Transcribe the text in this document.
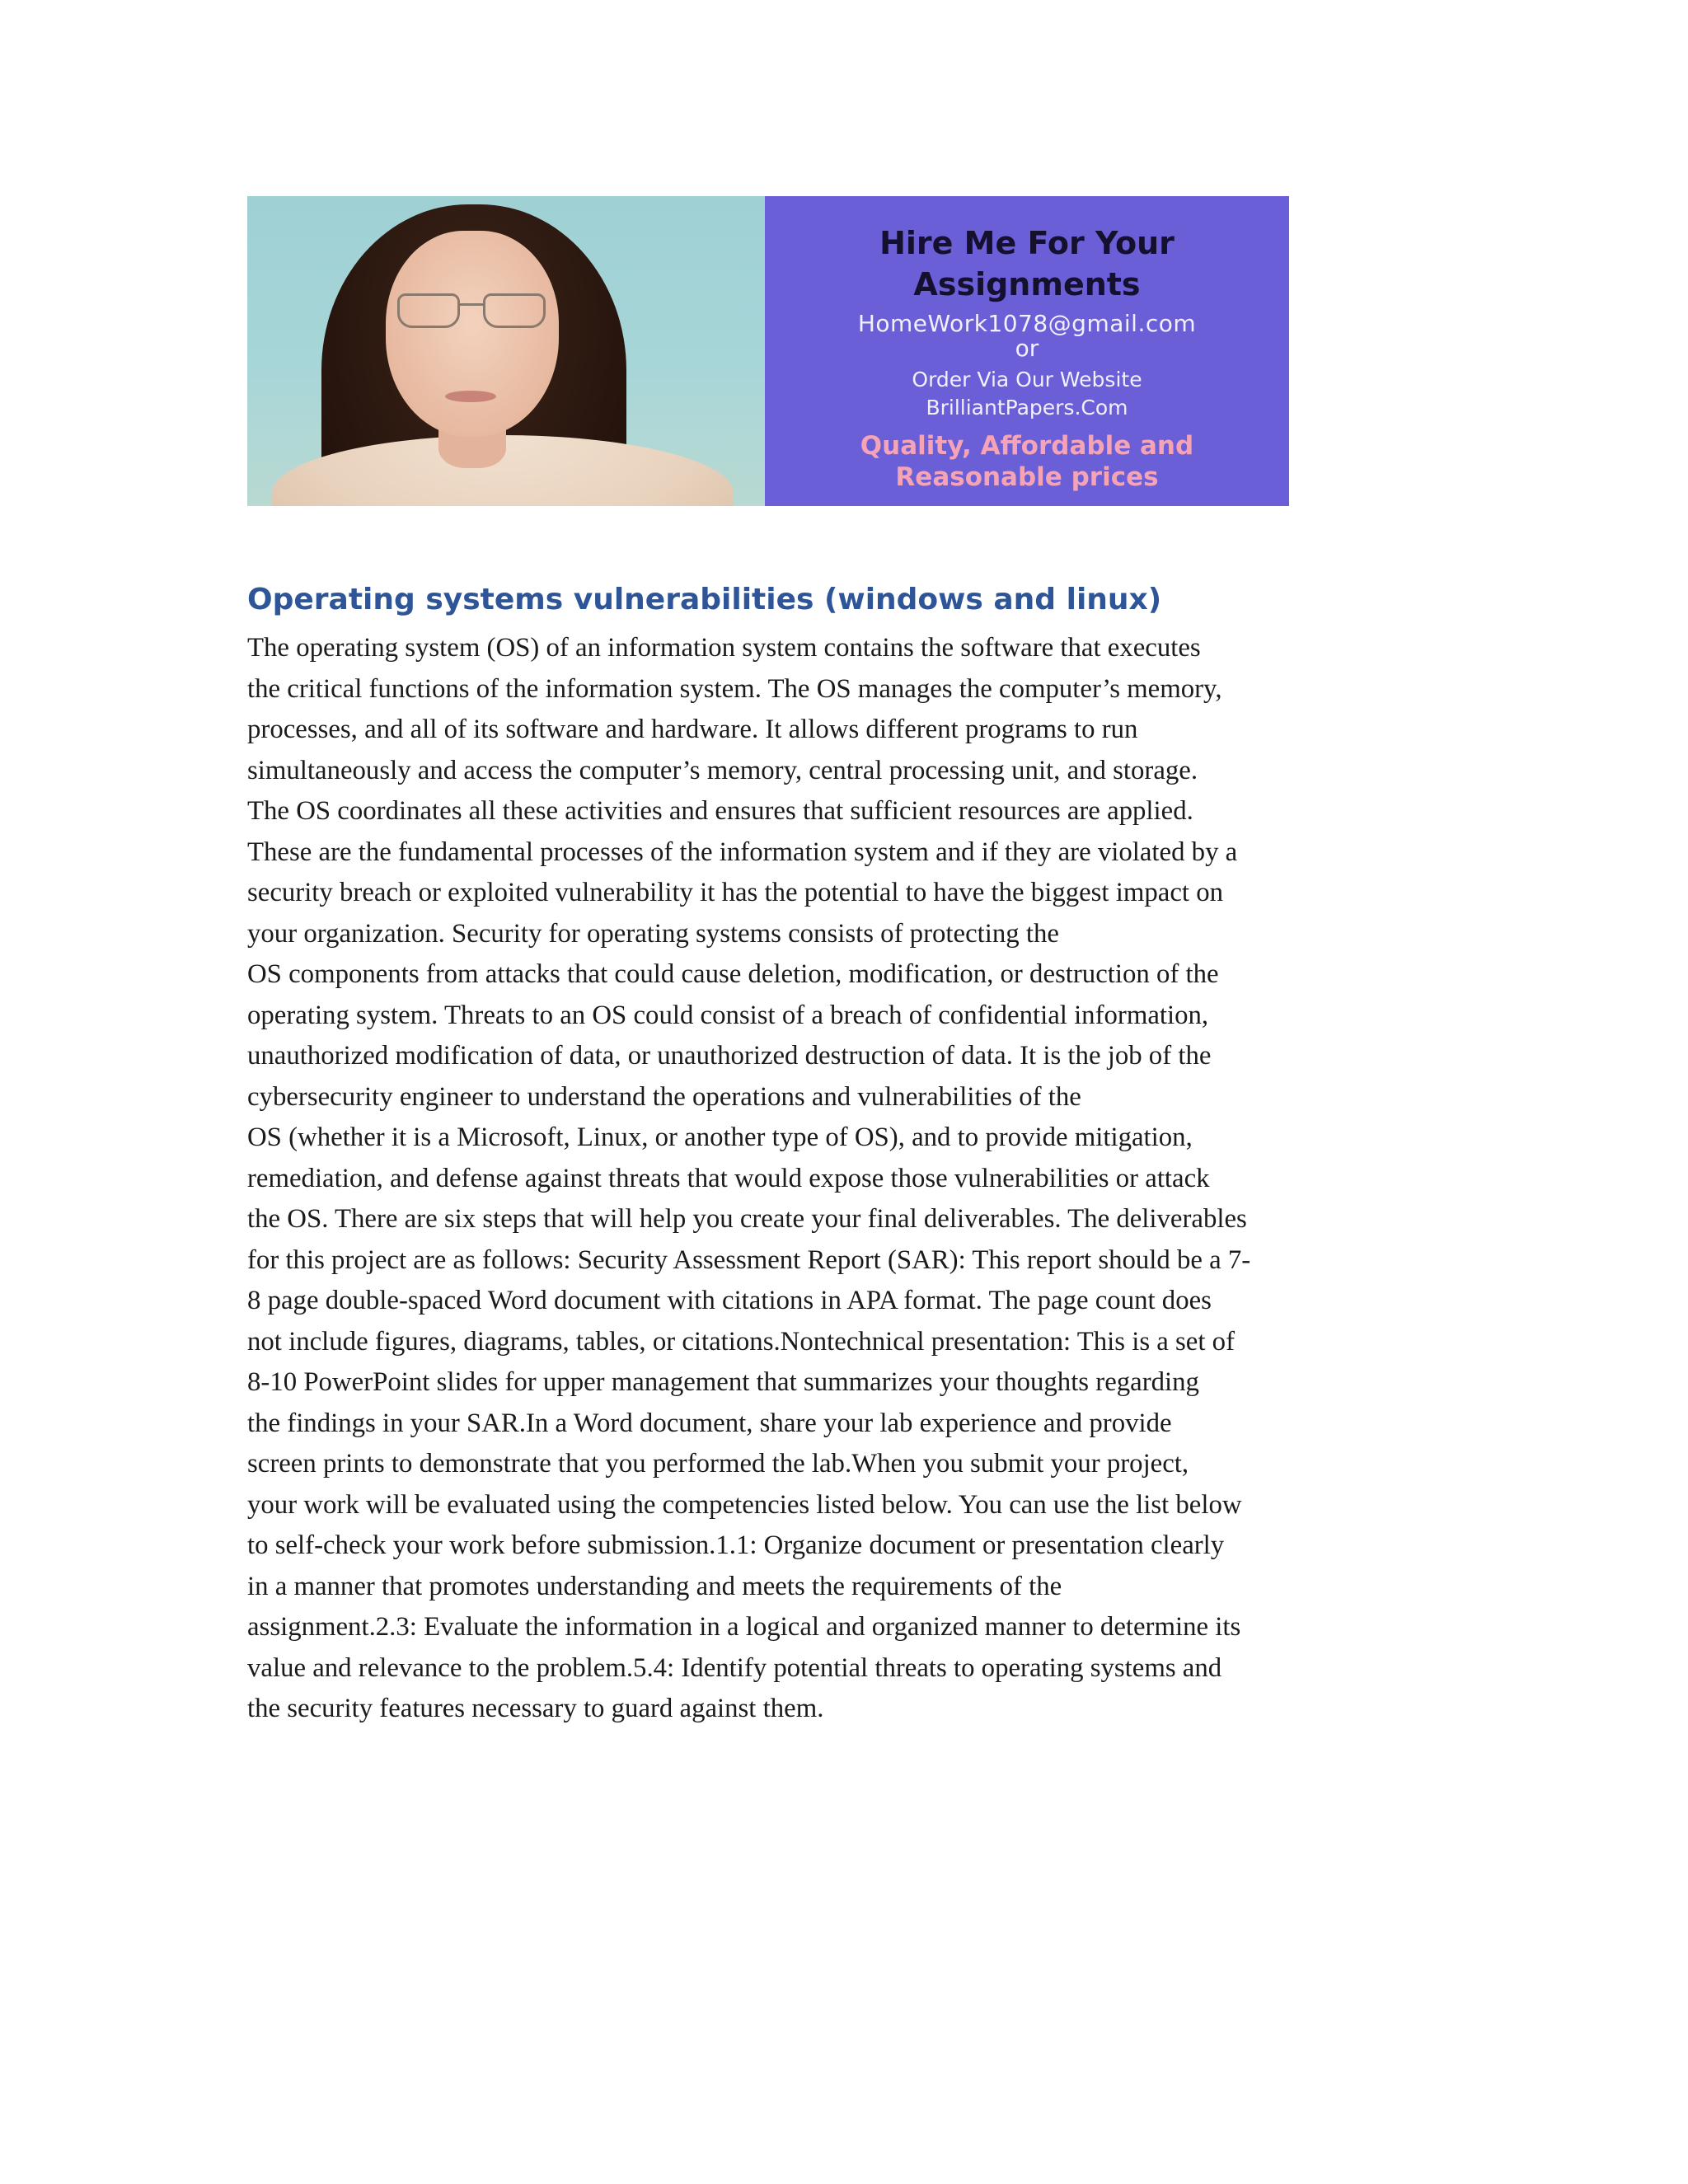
Hire Me For Your
Assignments
HomeWork1078@gmail.com
or
Order Via Our Website
BrilliantPapers.Com
Quality, Affordable and
Reasonable prices
Operating systems vulnerabilities (windows and linux)

The operating system (OS) of an information system contains the software that executes
the critical functions of the information system. The OS manages the computer’s memory,
processes, and all of its software and hardware. It allows different programs to run
simultaneously and access the computer’s memory, central processing unit, and storage.
The OS coordinates all these activities and ensures that sufficient resources are applied.
These are the fundamental processes of the information system and if they are violated by a
security breach or exploited vulnerability it has the potential to have the biggest impact on
your organization. Security for operating systems consists of protecting the
OS components from attacks that could cause deletion, modification, or destruction of the
operating system. Threats to an OS could consist of a breach of confidential information,
unauthorized modification of data, or unauthorized destruction of data. It is the job of the
cybersecurity engineer to understand the operations and vulnerabilities of the
OS (whether it is a Microsoft, Linux, or another type of OS), and to provide mitigation,
remediation, and defense against threats that would expose those vulnerabilities or attack
the OS. There are six steps that will help you create your final deliverables. The deliverables
for this project are as follows: Security Assessment Report (SAR): This report should be a 7-
8 page double-spaced Word document with citations in APA format. The page count does
not include figures, diagrams, tables, or citations.Nontechnical presentation: This is a set of
8-10 PowerPoint slides for upper management that summarizes your thoughts regarding
the findings in your SAR.In a Word document, share your lab experience and provide
screen prints to demonstrate that you performed the lab.When you submit your project,
your work will be evaluated using the competencies listed below. You can use the list below
to self-check your work before submission.1.1: Organize document or presentation clearly
in a manner that promotes understanding and meets the requirements of the
assignment.2.3: Evaluate the information in a logical and organized manner to determine its
value and relevance to the problem.5.4: Identify potential threats to operating systems and
the security features necessary to guard against them.
